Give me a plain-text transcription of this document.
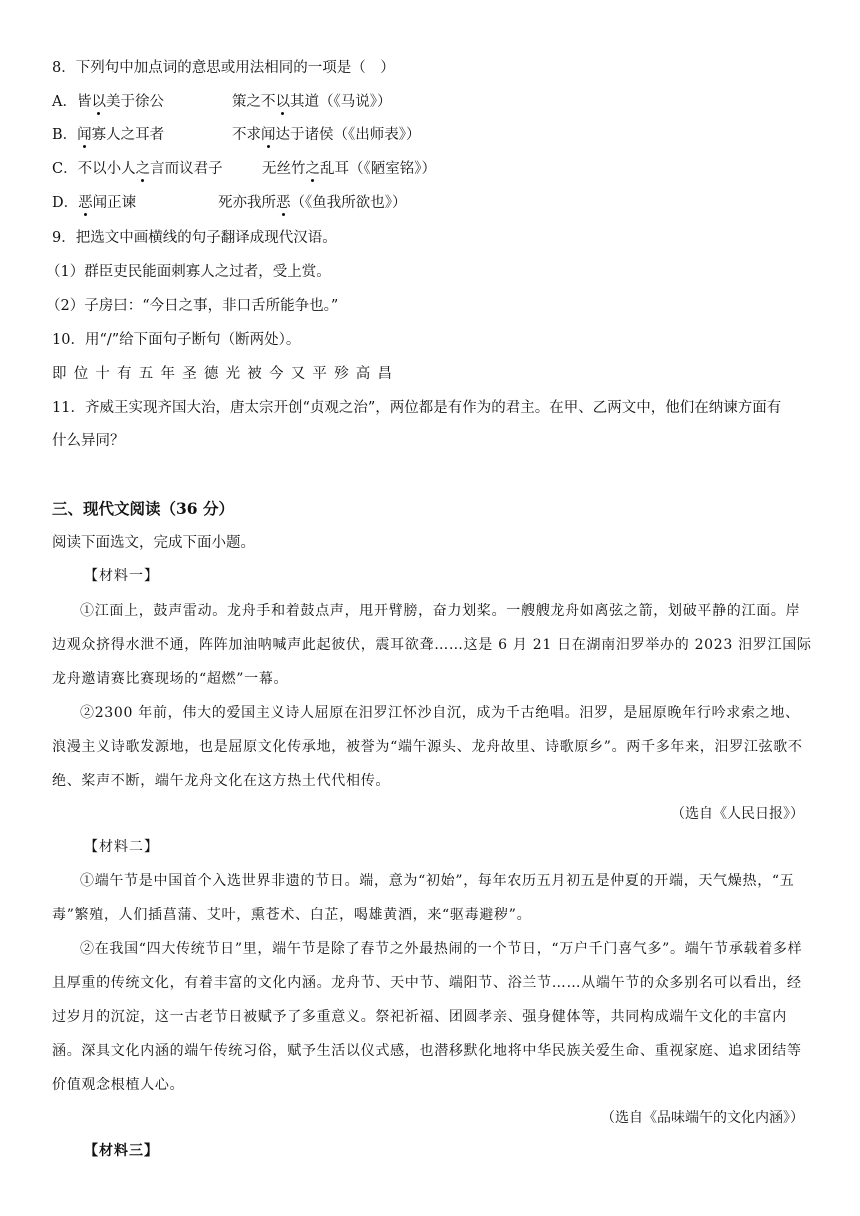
8．下列句中加点词的意思或用法相同的一项是（　）
A．皆以美于徐公	策之不以其道（《马说》）
B．闻寡人之耳者	不求闻达于诸侯（《出师表》）
C．不以小人之言而议君子	无丝竹之乱耳（《陋室铭》）
D．恶闻正谏	死亦我所恶（《鱼我所欲也》）
9．把选文中画横线的句子翻译成现代汉语。
（1）群臣吏民能面刺寡人之过者，受上赏。
（2）子房曰：“今日之事，非口舌所能争也。”
10．用“/”给下面句子断句（断两处）。
即位十有五年圣德光被今又平殄高昌
11．齐威王实现齐国大治，唐太宗开创“贞观之治”，两位都是有作为的君主。在甲、乙两文中，他们在纳谏方面有
什么异同？
三、现代文阅读（36 分）
阅读下面选文，完成下面小题。
【材料一】
①江面上，鼓声雷动。龙舟手和着鼓点声，甩开臂膀，奋力划桨。一艘艘龙舟如离弦之箭，划破平静的江面。岸边观众挤得水泄不通，阵阵加油呐喊声此起彼伏，震耳欲聋……这是 6 月 21 日在湖南汨罗举办的 2023 汨罗江国际龙舟邀请赛比赛现场的“超燃”一幕。
②2300 年前，伟大的爱国主义诗人屈原在汨罗江怀沙自沉，成为千古绝唱。汨罗，是屈原晚年行吟求索之地、浪漫主义诗歌发源地，也是屈原文化传承地，被誉为“端午源头、龙舟故里、诗歌原乡”。两千多年来，汨罗江弦歌不绝、桨声不断，端午龙舟文化在这方热土代代相传。
（选自《人民日报》）
【材料二】
①端午节是中国首个入选世界非遗的节日。端，意为“初始”，每年农历五月初五是仲夏的开端，天气燥热，“五毒”繁殖，人们插菖蒲、艾叶，熏苍术、白芷，喝雄黄酒，来“驱毒避秽”。
②在我国“四大传统节日”里，端午节是除了春节之外最热闹的一个节日，“万户千门喜气多”。端午节承载着多样且厚重的传统文化，有着丰富的文化内涵。龙舟节、天中节、端阳节、浴兰节……从端午节的众多别名可以看出，经过岁月的沉淀，这一古老节日被赋予了多重意义。祭祀祈福、团圆孝亲、强身健体等，共同构成端午文化的丰富内涵。深具文化内涵的端午传统习俗，赋予生活以仪式感，也潜移默化地将中华民族关爱生命、重视家庭、追求团结等价值观念根植人心。
（选自《品味端午的文化内涵》）
【材料三】
